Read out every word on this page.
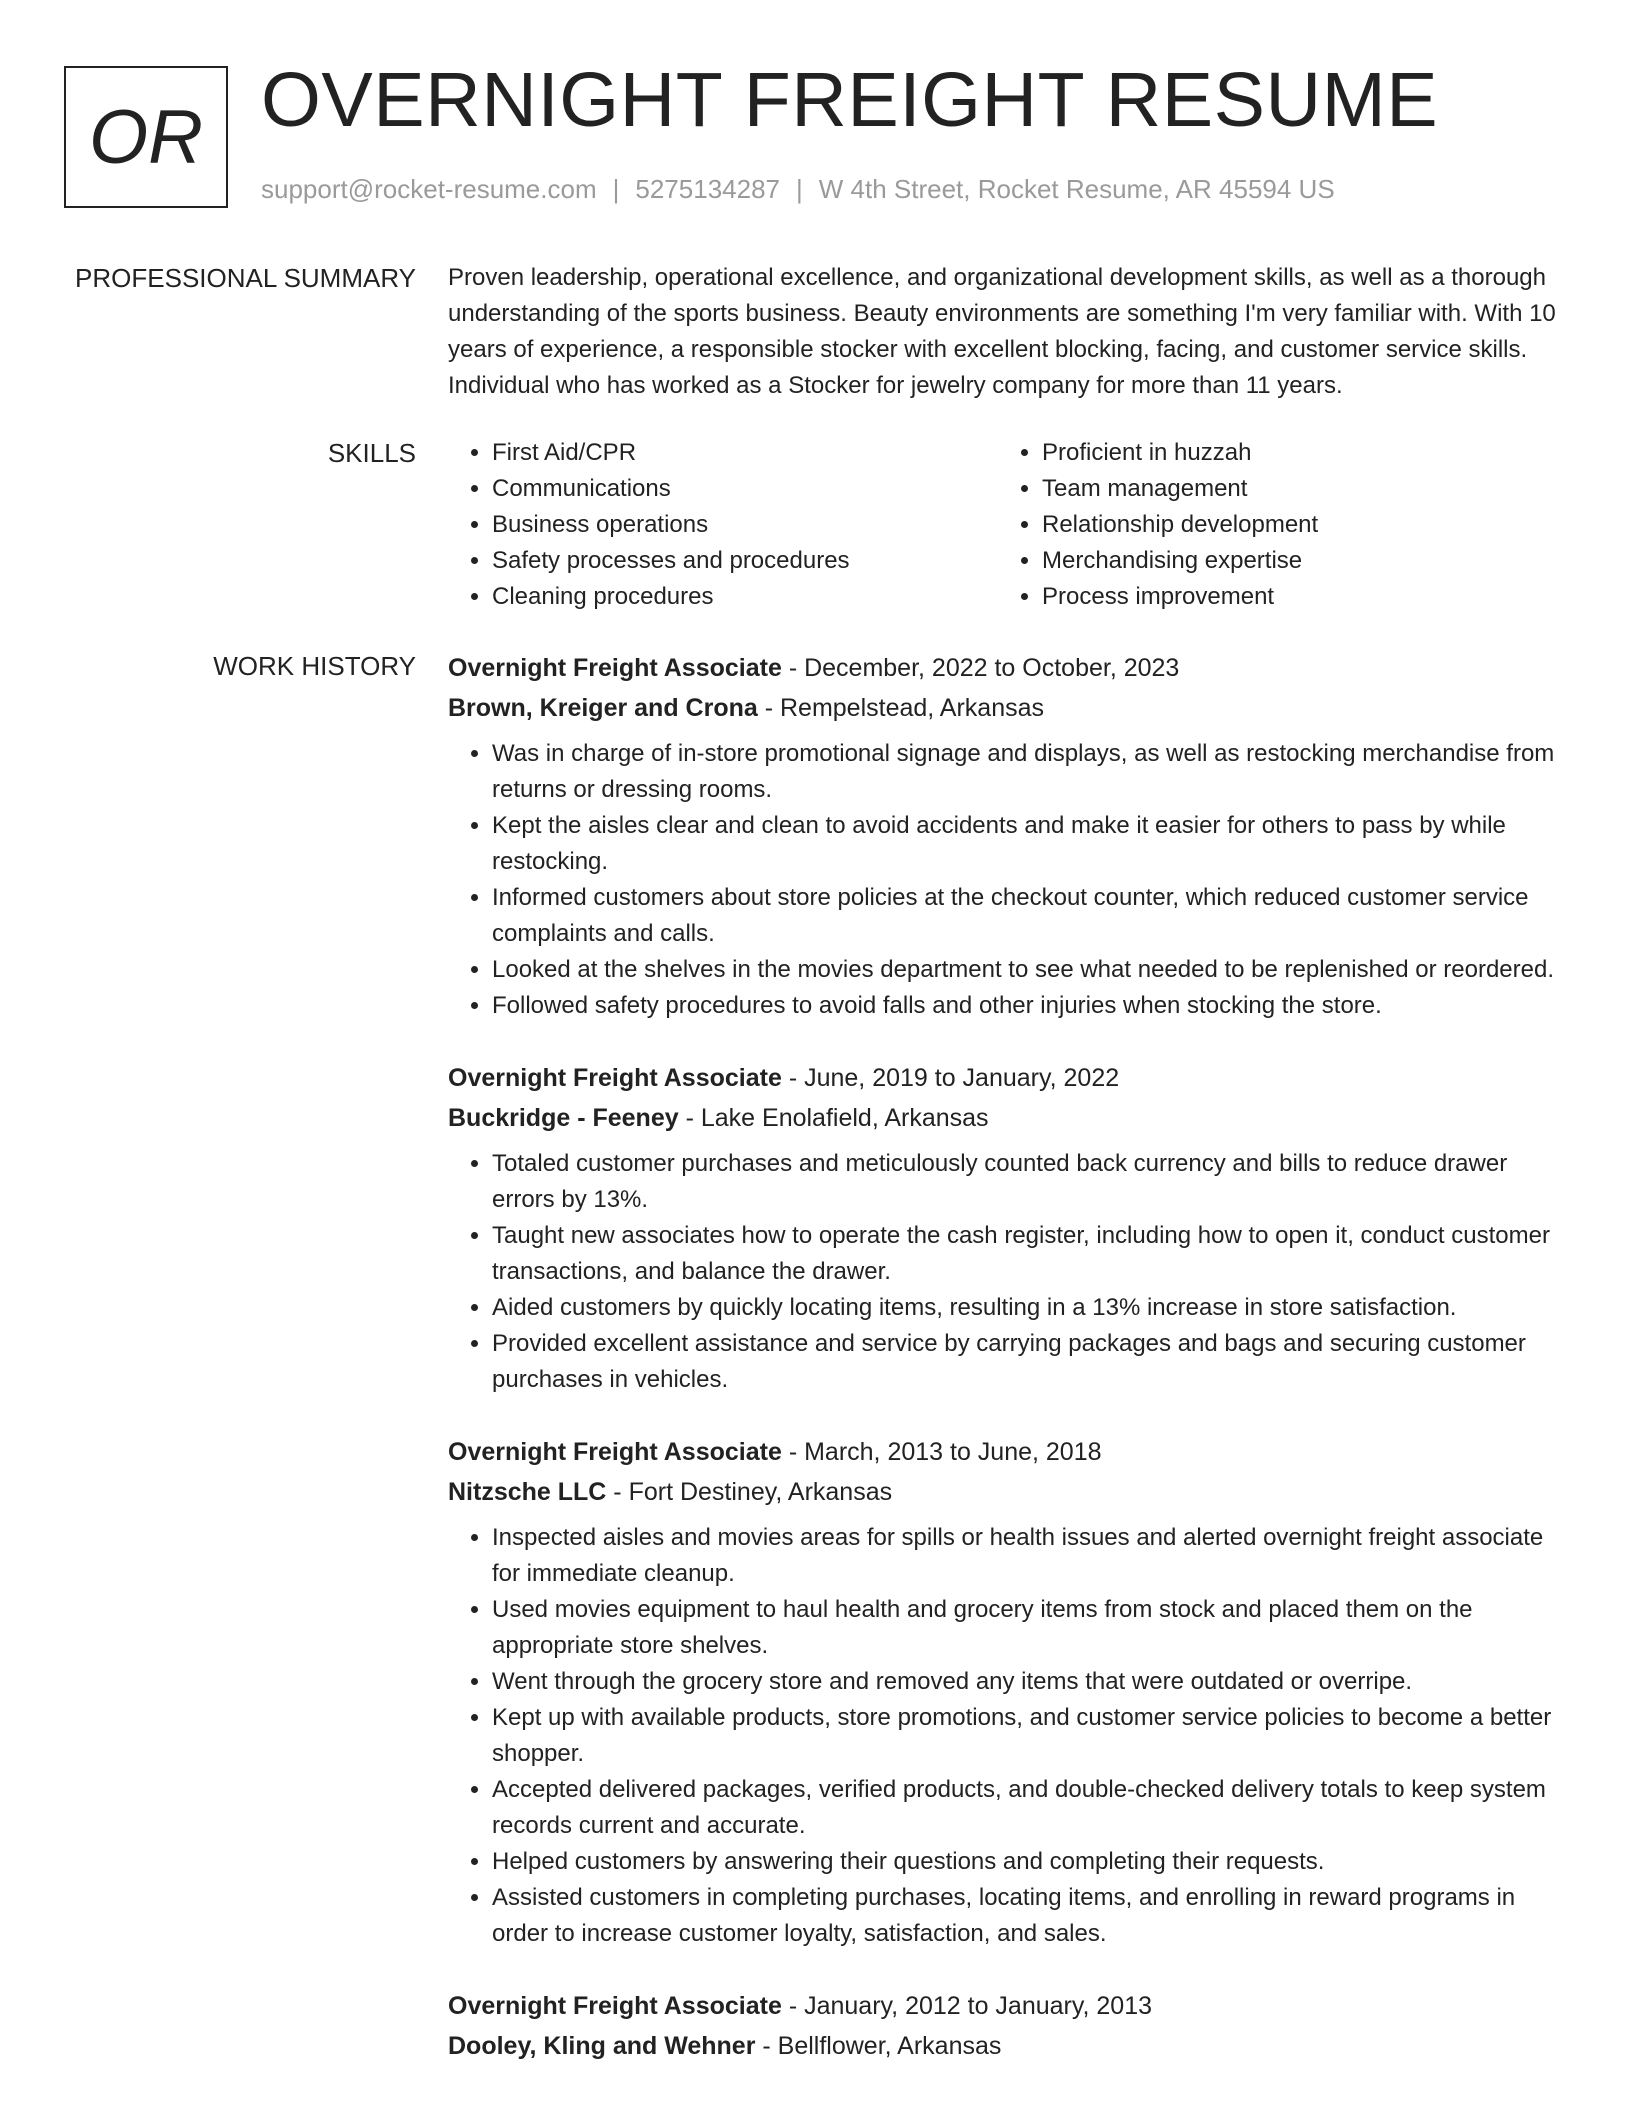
OR OVERNIGHT FREIGHT RESUME
support@rocket-resume.com | 5275134287 | W 4th Street, Rocket Resume, AR 45594 US
PROFESSIONAL SUMMARY Proven leadership, operational excellence, and organizational development skills, as well as a thorough understanding of the sports business. Beauty environments are something I'm very familiar with. With 10 years of experience, a responsible stocker with excellent blocking, facing, and customer service skills. Individual who has worked as a Stocker for jewelry company for more than 11 years.

SKILLS
•	First Aid/CPR
• Communications
• Business operations
• Safety processes and procedures
• Cleaning procedures
• Proficient in huzzah
• Team management
• Relationship development
• Merchandising expertise
• Process improvement
WORK HISTORY Overnight Freight Associate - December, 2022 to October, 2023
Brown, Kreiger and Crona - Rempelstead, Arkansas
• Was in charge of in-store promotional signage and displays, as well as restocking merchandise from returns or dressing rooms.
• Kept the aisles clear and clean to avoid accidents and make it easier for others to pass by while restocking.
• Informed customers about store policies at the checkout counter, which reduced customer service complaints and calls.
• Looked at the shelves in the movies department to see what needed to be replenished or reordered.
• Followed safety procedures to avoid falls and other injuries when stocking the store.
Overnight Freight Associate - June, 2019 to January, 2022
Buckridge - Feeney - Lake Enolafield, Arkansas
• Totaled customer purchases and meticulously counted back currency and bills to reduce drawer errors by 13%.
• Taught new associates how to operate the cash register, including how to open it, conduct customer transactions, and balance the drawer.
• Aided customers by quickly locating items, resulting in a 13% increase in store satisfaction.
• Provided excellent assistance and service by carrying packages and bags and securing customer purchases in vehicles.
Overnight Freight Associate - March, 2013 to June, 2018
Nitzsche LLC - Fort Destiney, Arkansas
• Inspected aisles and movies areas for spills or health issues and alerted overnight freight associate for immediate cleanup.
• Used movies equipment to haul health and grocery items from stock and placed them on the appropriate store shelves.
• Went through the grocery store and removed any items that were outdated or overripe.
• Kept up with available products, store promotions, and customer service policies to become a better shopper.
• Accepted delivered packages, verified products, and double-checked delivery totals to keep system records current and accurate.
• Helped customers by answering their questions and completing their requests.
• Assisted customers in completing purchases, locating items, and enrolling in reward programs in order to increase customer loyalty, satisfaction, and sales.
Overnight Freight Associate - January, 2012 to January, 2013
Dooley, Kling and Wehner - Bellflower, Arkansas
